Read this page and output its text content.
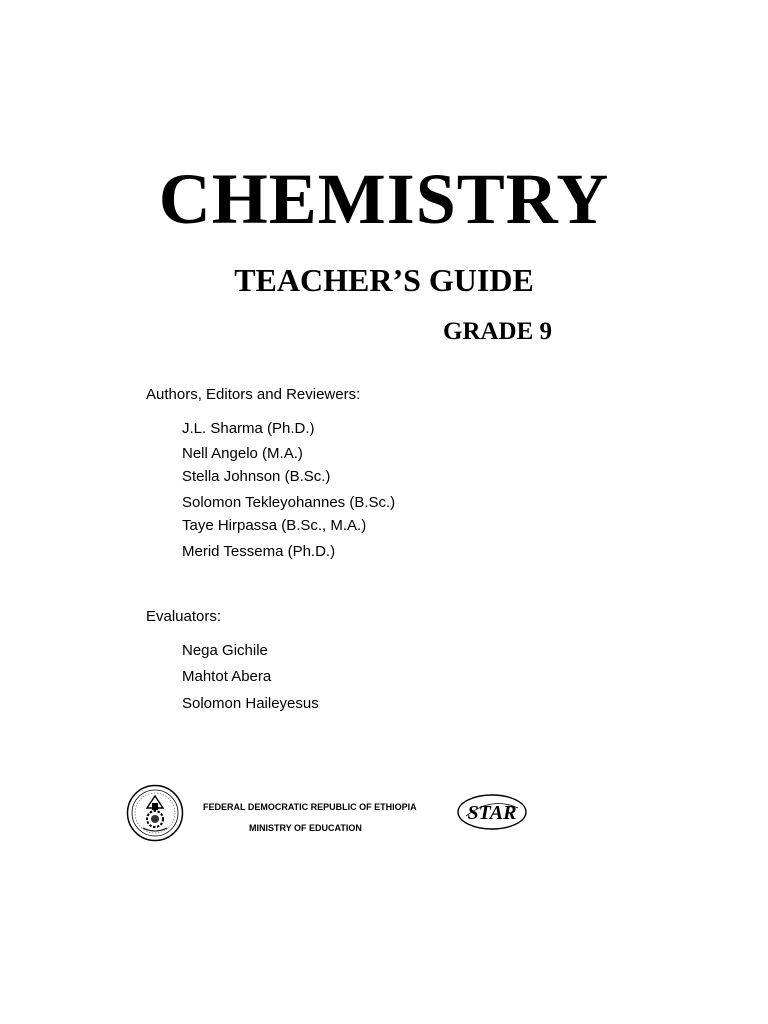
CHEMISTRY
TEACHER’S GUIDE
GRADE 9

Authors, Editors and Reviewers:

J.L. Sharma (Ph.D.)
Nell Angelo (M.A.)
Stella Johnson (B.Sc.)
Solomon Tekleyohannes (B.Sc.)
Taye Hirpassa (B.Sc., M.A.)
Merid Tessema (Ph.D.)

Evaluators:

Nega Gichile
Mahtot Abera
Solomon Haileyesus

FEDERAL DEMOCRATIC REPUBLIC OF ETHIOPIA

MINISTRY OF EDUCATION

STAR
